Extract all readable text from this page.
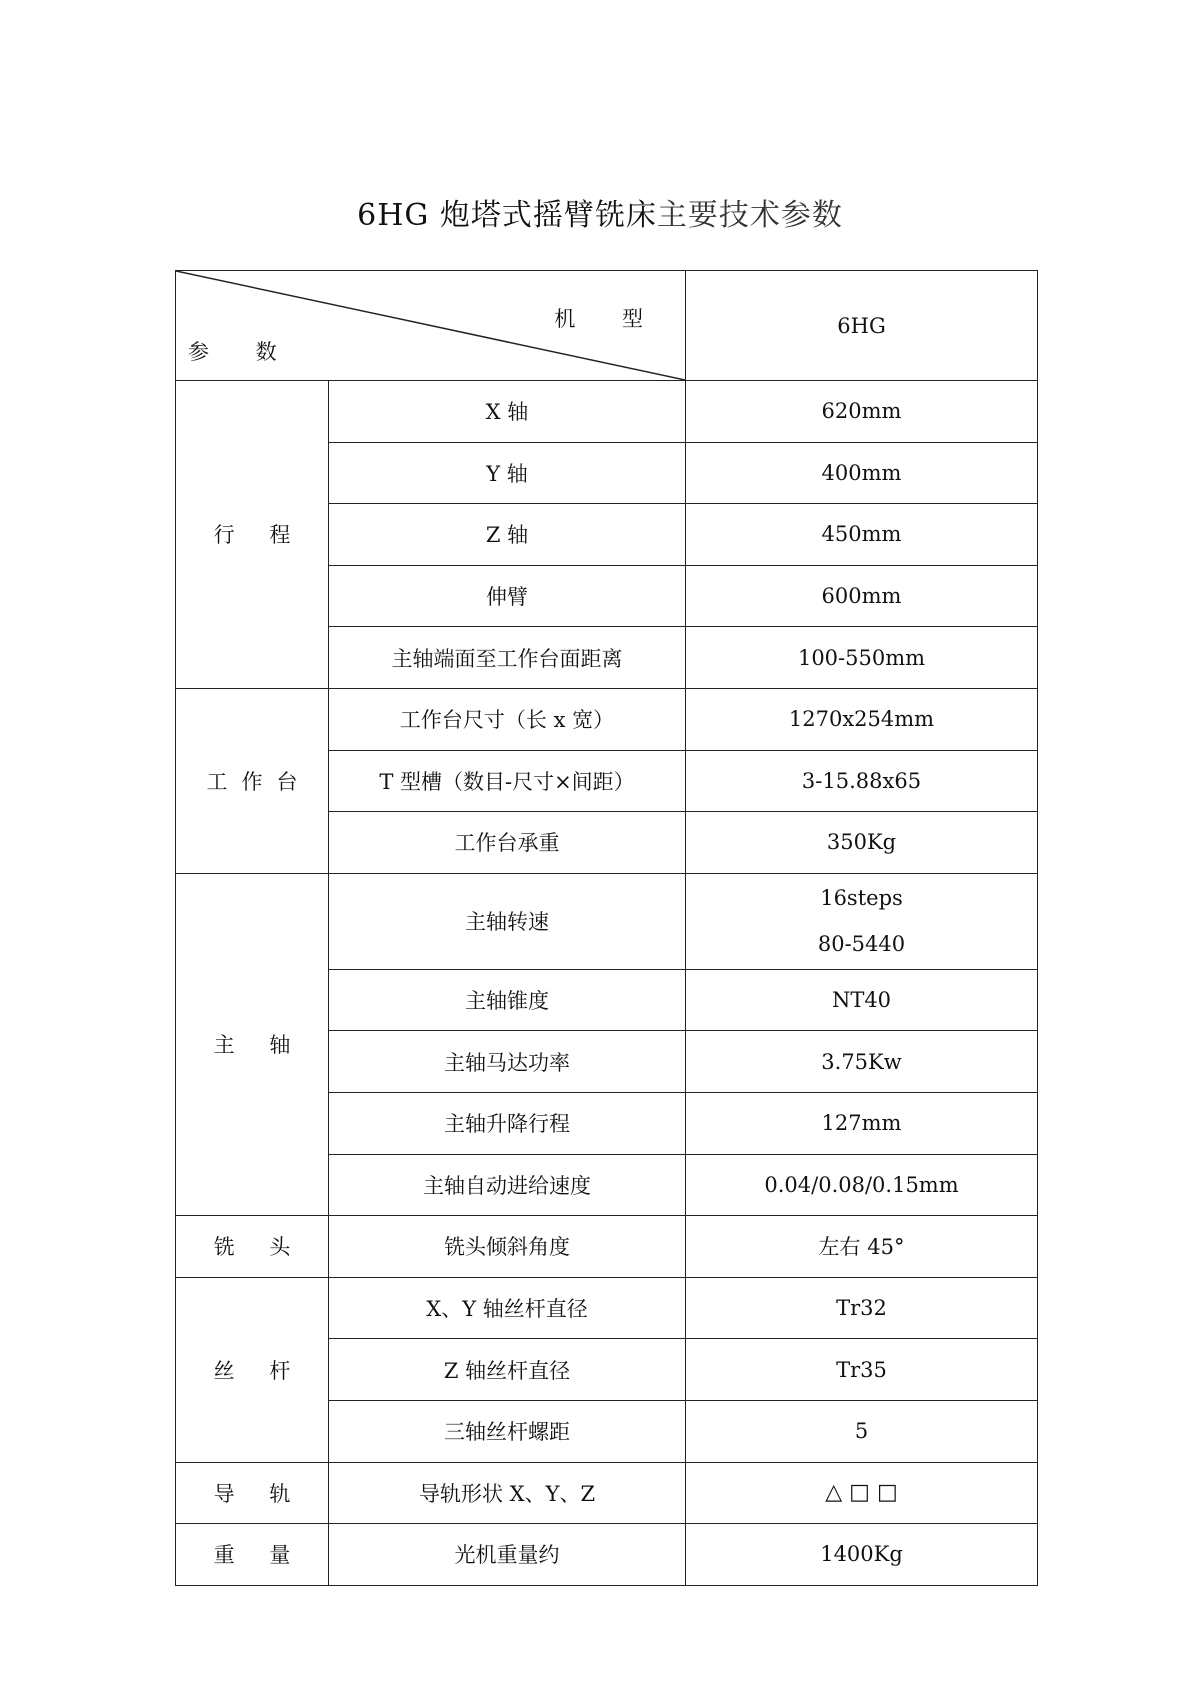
6HG 炮塔式摇臂铣床主要技术参数
机 型
参 数		6HG
行 程	X 轴	620mm
	Y 轴	400mm
	Z 轴	450mm
	伸臂	600mm
	主轴端面至工作台面距离	100-550mm
工作台	工作台尺寸（长 x 宽）	1270x254mm
	T 型槽（数目-尺寸×间距）	3-15.88x65
	工作台承重	350Kg
主 轴	主轴转速	16steps
80-5440

	主轴锥度	NT40
	主轴马达功率	3.75Kw
	主轴升降行程	127mm
	主轴自动进给速度	0.04/0.08/0.15mm
铣 头	铣头倾斜角度	左右 45°
丝 杆	X、Y 轴丝杆直径	Tr32
	Z 轴丝杆直径	Tr35
	三轴丝杆螺距	5
导 轨	导轨形状 X、Y、Z	△ □ □
重 量	光机重量约	1400Kg
